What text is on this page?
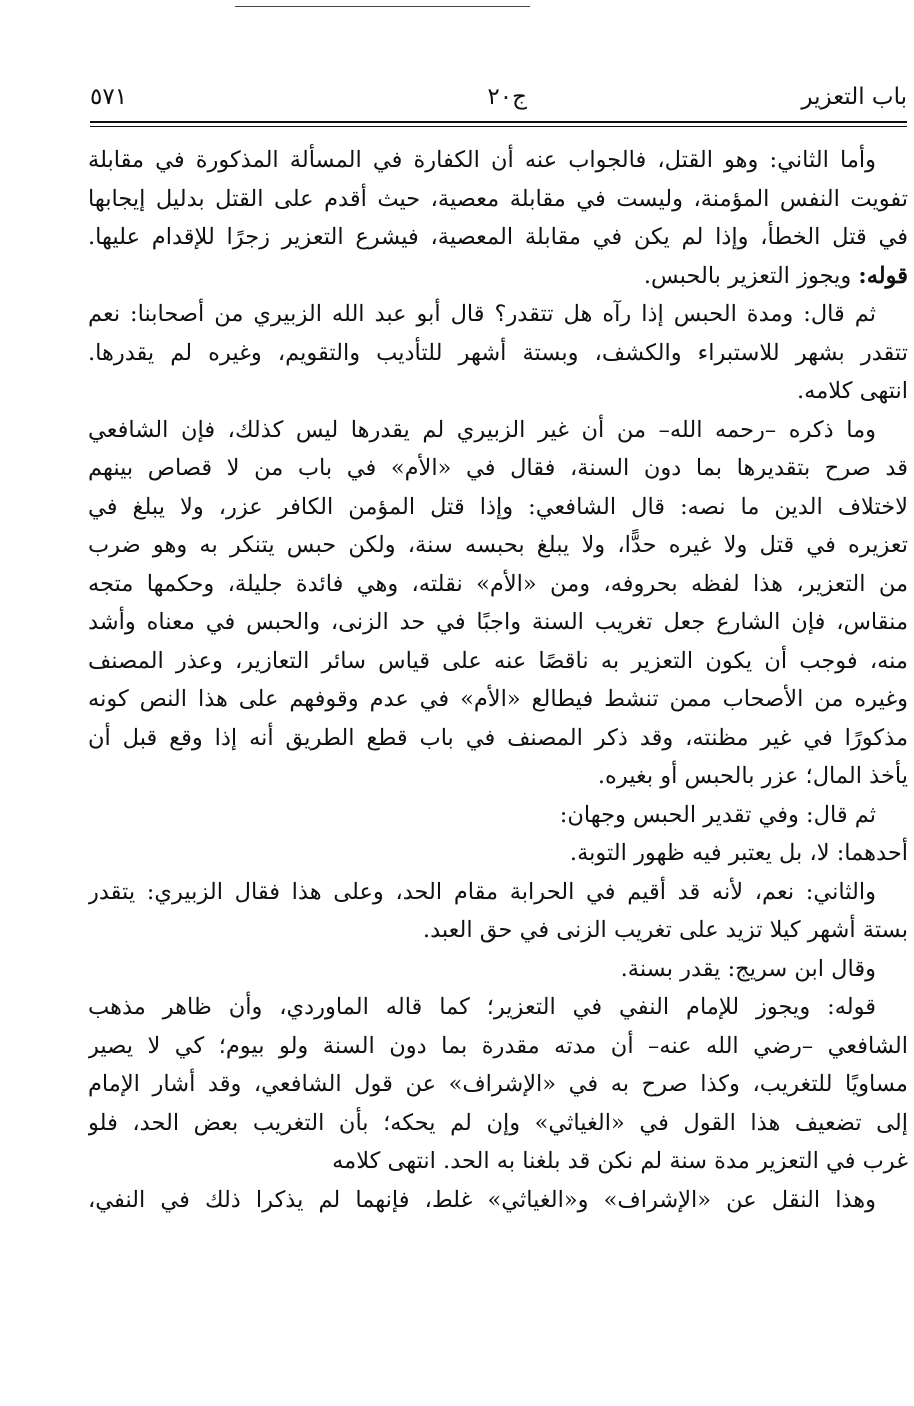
باب التعزير
ج٢٠
٥٧١
وأما الثاني: وهو القتل، فالجواب عنه أن الكفارة في المسألة المذكورة في مقابلة
تفويت النفس المؤمنة، وليست في مقابلة معصية، حيث أقدم على القتل بدليل إيجابها
في قتل الخطأ، وإذا لم يكن في مقابلة المعصية، فيشرع التعزير زجرًا للإقدام عليها.
قوله: ويجوز التعزير بالحبس.
ثم قال: ومدة الحبس إذا رآه هل تتقدر؟ قال أبو عبد الله الزبيري من أصحابنا: نعم
تتقدر بشهر للاستبراء والكشف، وبستة أشهر للتأديب والتقويم، وغيره لم يقدرها.
انتهى كلامه.
وما ذكره –رحمه الله– من أن غير الزبيري لم يقدرها ليس كذلك، فإن الشافعي
قد صرح بتقديرها بما دون السنة، فقال في «الأم» في باب من لا قصاص بينهم
لاختلاف الدين ما نصه: قال الشافعي: وإذا قتل المؤمن الكافر عزر، ولا يبلغ في
تعزيره في قتل ولا غيره حدًّا، ولا يبلغ بحبسه سنة، ولكن حبس يتنكر به وهو ضرب
من التعزير، هذا لفظه بحروفه، ومن «الأم» نقلته، وهي فائدة جليلة، وحكمها متجه
منقاس، فإن الشارع جعل تغريب السنة واجبًا في حد الزنى، والحبس في معناه وأشد
منه، فوجب أن يكون التعزير به ناقصًا عنه على قياس سائر التعازير، وعذر المصنف
وغيره من الأصحاب ممن تنشط فيطالع «الأم» في عدم وقوفهم على هذا النص كونه
مذكورًا في غير مظنته، وقد ذكر المصنف في باب قطع الطريق أنه إذا وقع قبل أن
يأخذ المال؛ عزر بالحبس أو بغيره.
ثم قال: وفي تقدير الحبس وجهان:
أحدهما: لا، بل يعتبر فيه ظهور التوبة.
والثاني: نعم، لأنه قد أقيم في الحرابة مقام الحد، وعلى هذا فقال الزبيري: يتقدر
بستة أشهر كيلا تزيد على تغريب الزنى في حق العبد.
وقال ابن سريج: يقدر بسنة.
قوله: ويجوز للإمام النفي في التعزير؛ كما قاله الماوردي، وأن ظاهر مذهب
الشافعي –رضي الله عنه– أن مدته مقدرة بما دون السنة ولو بيوم؛ كي لا يصير
مساويًا للتغريب، وكذا صرح به في «الإشراف» عن قول الشافعي، وقد أشار الإمام
إلى تضعيف هذا القول في «الغياثي» وإن لم يحكه؛ بأن التغريب بعض الحد، فلو
غرب في التعزير مدة سنة لم نكن قد بلغنا به الحد. انتهى كلامه
وهذا النقل عن «الإشراف» و«الغياثي» غلط، فإنهما لم يذكرا ذلك في النفي،
